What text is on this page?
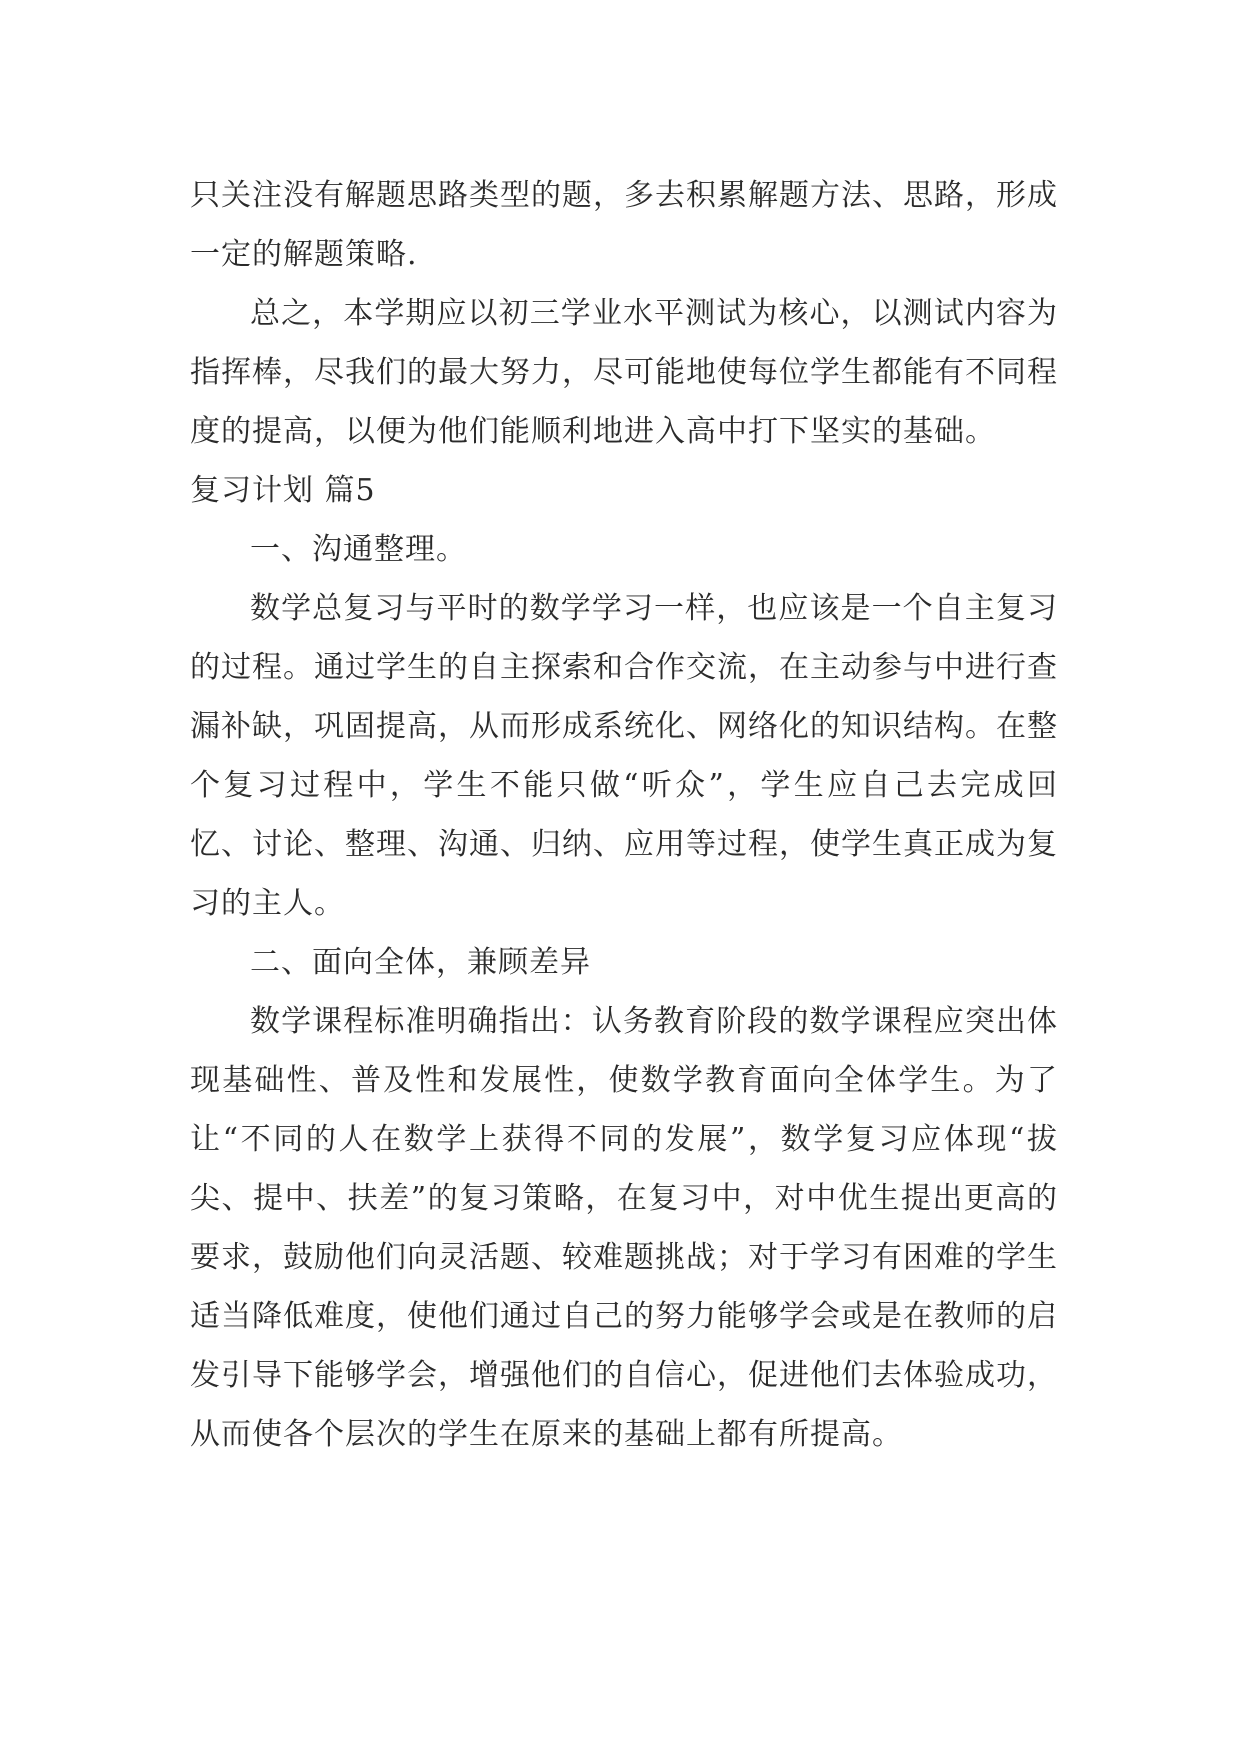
只关注没有解题思路类型的题，多去积累解题方法、思路，形成一定的解题策略.

总之，本学期应以初三学业水平测试为核心，以测试内容为指挥棒，尽我们的最大努力，尽可能地使每位学生都能有不同程度的提高，以便为他们能顺利地进入高中打下坚实的基础。

复习计划 篇5

一、沟通整理。

数学总复习与平时的数学学习一样，也应该是一个自主复习的过程。通过学生的自主探索和合作交流，在主动参与中进行查漏补缺，巩固提高，从而形成系统化、网络化的知识结构。在整个复习过程中，学生不能只做“听众”，学生应自己去完成回忆、讨论、整理、沟通、归纳、应用等过程，使学生真正成为复习的主人。

二、面向全体，兼顾差异

数学课程标准明确指出：认务教育阶段的数学课程应突出体现基础性、普及性和发展性，使数学教育面向全体学生。为了让“不同的人在数学上获得不同的发展”，数学复习应体现“拔尖、提中、扶差”的复习策略，在复习中，对中优生提出更高的要求，鼓励他们向灵活题、较难题挑战；对于学习有困难的学生适当降低难度，使他们通过自己的努力能够学会或是在教师的启发引导下能够学会，增强他们的自信心，促进他们去体验成功，从而使各个层次的学生在原来的基础上都有所提高。
